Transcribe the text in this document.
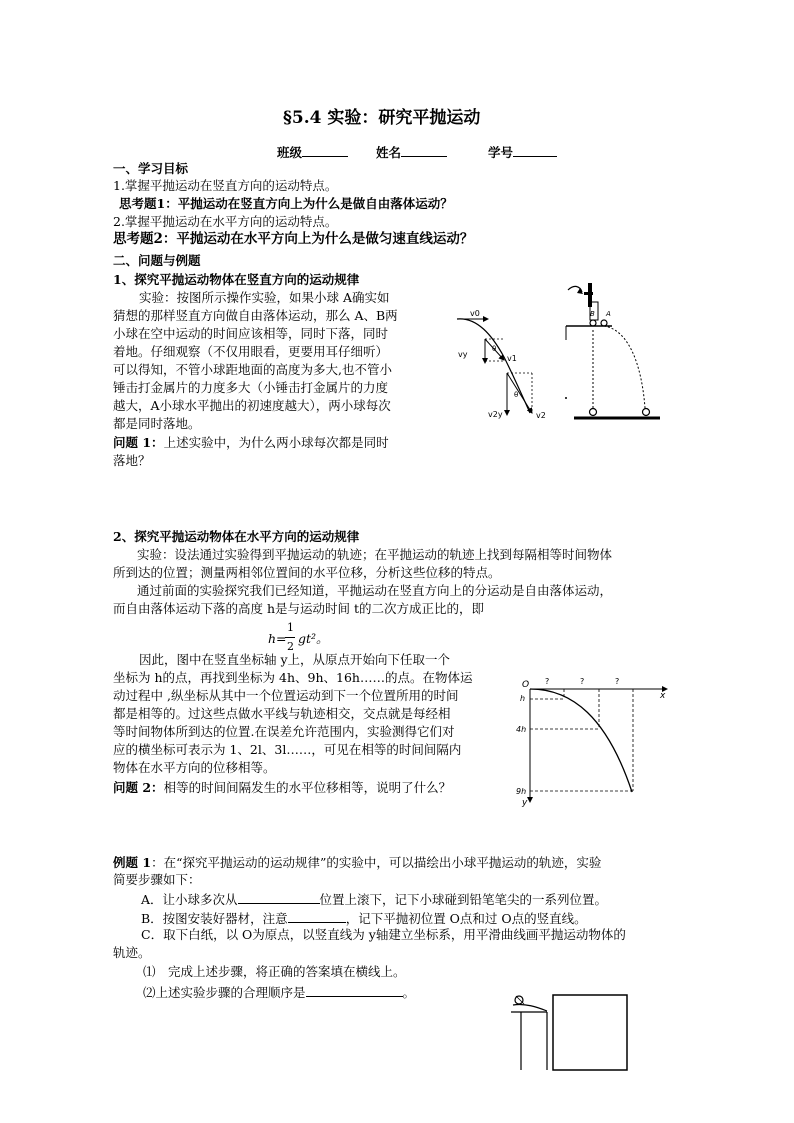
§5.4 实验：研究平抛运动
班级	姓名	学号
一、学习目标
1.掌握平抛运动在竖直方向的运动特点。
思考题1：平抛运动在竖直方向上为什么是做自由落体运动？
2.掌握平抛运动在水平方向的运动特点。
思考题2：平抛运动在水平方向上为什么是做匀速直线运动？
二、问题与例题
1、探究平抛运动物体在竖直方向的运动规律
实验：按图所示操作实验，如果小球 A确实如
猜想的那样竖直方向做自由落体运动，那么 A、B两
小球在空中运动的时间应该相等，同时下落，同时
着地。仔细观察（不仅用眼看，更要用耳仔细听）
可以得知，不管小球距地面的高度为多大,也不管小
锤击打金属片的力度多大（小锤击打金属片的力度
越大，A小球水平抛出的初速度越大），两小球每次
都是同时落地。
问题 1：上述实验中，为什么两小球每次都是同时
落地？
v0
vy	v1
θ
v2y
θ
v2
B A
2、探究平抛运动物体在水平方向的运动规律
实验：设法通过实验得到平抛运动的轨迹；在平抛运动的轨迹上找到每隔相等时间物体
所到达的位置；测量两相邻位置间的水平位移，分析这些位移的特点。
通过前面的实验探究我们已经知道，平抛运动在竖直方向上的分运动是自由落体运动，
而自由落体运动下落的高度 h是与运动时间 t的二次方成正比的，即
h=
1
2
gt²。
因此，图中在竖直坐标轴 y上，从原点开始向下任取一个
坐标为 h的点，再找到坐标为 4h、9h、16h……的点。在物体运
动过程中 ,纵坐标从其中一个位置运动到下一个位置所用的时间
都是相等的。过这些点做水平线与轨迹相交，交点就是每经相
等时间物体所到达的位置.在误差允许范围内，实验测得它们对
应的横坐标可表示为 1、2l、3l……，可见在相等的时间间隔内
物体在水平方向的位移相等。
问题 2：相等的时间间隔发生的水平位移相等，说明了什么？
O
x
y
h
4h
9h
?	?	?
例题 1：在“探究平抛运动的运动规律”的实验中，可以描绘出小球平抛运动的轨迹，实验
简要步骤如下：
A．让小球多次从	位置上滚下，记下小球碰到铅笔笔尖的一系列位置。
B．按图安装好器材，注意	，记下平抛初位置 O点和过 O点的竖直线。
C．取下白纸，以 O为原点，以竖直线为 y轴建立坐标系，用平滑曲线画平抛运动物体的
轨迹。
⑴　完成上述步骤，将正确的答案填在横线上。
⑵上述实验步骤的合理顺序是	。
